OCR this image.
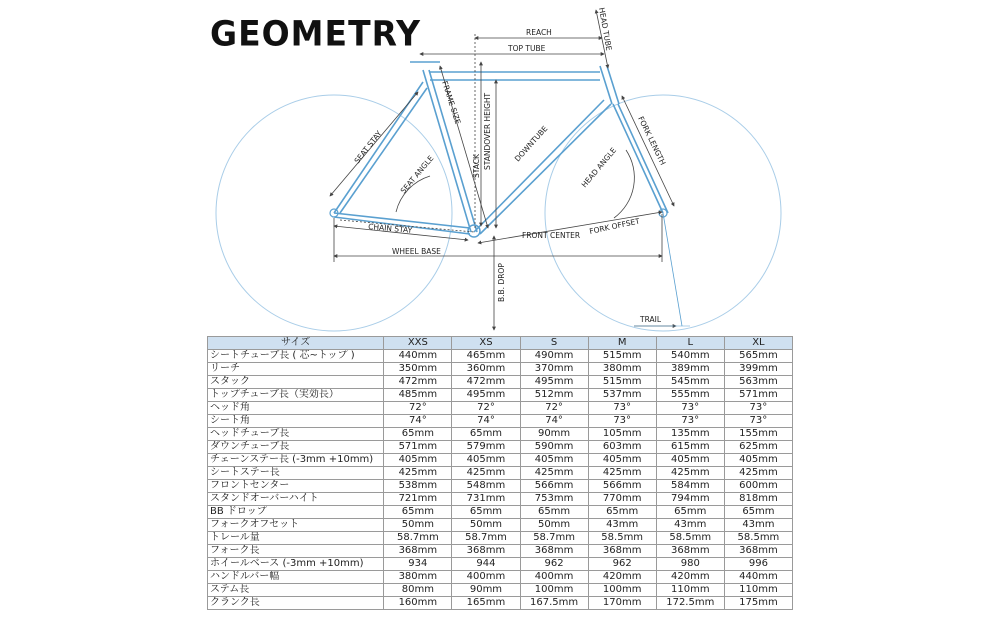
GEOMETRY	REACH
TOP TUBE	HEAD TUBE
FRAME SIZE
STACK STANDOVER HEIGHT	DOWNTUBE	FORK LENGTH
SEAT STAY
SEAT ANGLE	HEAD ANGLE
CHAIN STAY
FRONT CENTER FORK OFFSET
WHEEL BASE
B.B. DROP
TRAIL
サイズ	XXS	XS	S	M	L	XL
シートチューブ長 ( 芯~トップ )	440mm	465mm	490mm	515mm	540mm	565mm
リーチ	350mm	360mm	370mm	380mm	389mm	399mm
スタック	472mm	472mm	495mm	515mm	545mm	563mm
トップチューブ長（実効長）	485mm	495mm	512mm	537mm	555mm	571mm
ヘッド角	72°	72°	72°	73°	73°	73°
シート角	74°	74°	74°	73°	73°	73°
ヘッドチューブ長	65mm	65mm	90mm	105mm	135mm	155mm
ダウンチューブ長	571mm	579mm	590mm	603mm	615mm	625mm
チェーンステー長 (-3mm +10mm)	405mm	405mm	405mm	405mm	405mm	405mm
シートステー長	425mm	425mm	425mm	425mm	425mm	425mm
フロントセンター	538mm	548mm	566mm	566mm	584mm	600mm
スタンドオーバーハイト	721mm	731mm	753mm	770mm	794mm	818mm
BB ドロップ	65mm	65mm	65mm	65mm	65mm	65mm
フォークオフセット	50mm	50mm	50mm	43mm	43mm	43mm
トレール量	58.7mm	58.7mm	58.7mm	58.5mm	58.5mm	58.5mm
フォーク長	368mm	368mm	368mm	368mm	368mm	368mm
ホイールベース (-3mm +10mm)	934	944	962	962	980	996
ハンドルバー幅	380mm	400mm	400mm	420mm	420mm	440mm
ステム長	80mm	90mm	100mm	100mm	110mm	110mm
クランク長	160mm	165mm	167.5mm	170mm	172.5mm	175mm
